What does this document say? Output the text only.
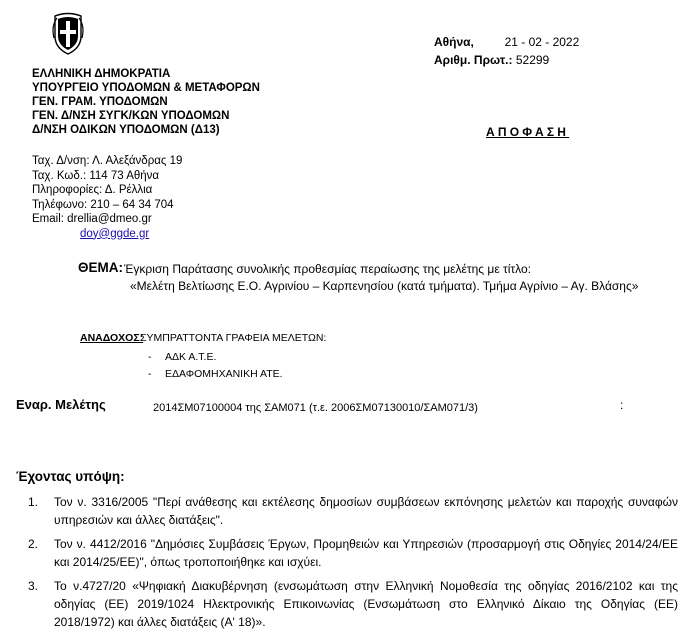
Αθήνα,	21 - 02 - 2022
Αριθμ. Πρωτ.: 52299
ΕΛΛΗΝΙΚΗ ΔΗΜΟΚΡΑΤΙΑ
ΥΠΟΥΡΓΕΙΟ ΥΠΟΔΟΜΩΝ & ΜΕΤΑΦΟΡΩΝ
ΓΕΝ. ΓΡΑΜ. ΥΠΟΔΟΜΩΝ
ΓΕΝ. Δ/ΝΣΗ ΣΥΓΚ/ΚΩΝ ΥΠΟΔΟΜΩΝ
Δ/ΝΣΗ ΟΔΙΚΩΝ ΥΠΟΔΟΜΩΝ (Δ13)	ΑΠΟΦΑΣΗ
Ταχ. Δ/νση: Λ. Αλεξάνδρας 19
Ταχ. Κωδ.: 114 73 Αθήνα
Πληροφορίες: Δ. Ρέλλια
Τηλέφωνο: 210 – 64 34 704
Email: drellia@dmeo.gr
doy@ggde.gr
ΘΕΜΑ: Έγκριση Παράτασης συνολικής προθεσμίας περαίωσης της μελέτης με τίτλο:
«Μελέτη Βελτίωσης Ε.Ο. Αγρινίου – Καρπενησίου (κατά τμήματα). Τμήμα Αγρίνιο – Αγ. Βλάσης»
ΑΝΑΔΟΧΟΣ:
ΣΥΜΠΡΑΤΤΟΝΤΑ ΓΡΑΦΕΙΑ ΜΕΛΕΤΩΝ:
- ΑΔΚ Α.Τ.Ε.
- ΕΔΑΦΟΜΗΧΑΝΙΚΗ ΑΤΕ.
Εναρ. Μελέτης	2014ΣΜ07100004 της ΣΑΜ071 (τ.ε. 2006ΣΜ07130010/ΣΑΜ071/3)	:
Έχοντας υπόψη:
1. Τον ν. 3316/2005 "Περί ανάθεσης και εκτέλεσης δημοσίων συμβάσεων εκπόνησης μελετών και παροχής συναφών υπηρεσιών και άλλες διατάξεις".
2. Τον ν. 4412/2016 "Δημόσιες Συμβάσεις Έργων, Προμηθειών και Υπηρεσιών (προσαρμογή στις Οδηγίες 2014/24/ΕΕ και 2014/25/ΕΕ)", όπως τροποποιήθηκε και ισχύει.
3. Το ν.4727/20 «Ψηφιακή Διακυβέρνηση (ενσωμάτωση στην Ελληνική Νομοθεσία της οδηγίας 2016/2102 και της οδηγίας (ΕΕ) 2019/1024 Ηλεκτρονικής Επικοινωνίας (Ενσωμάτωση στο Ελληνικό Δίκαιο της Οδηγίας (ΕΕ) 2018/1972) και άλλες διατάξεις (Α' 18)».
